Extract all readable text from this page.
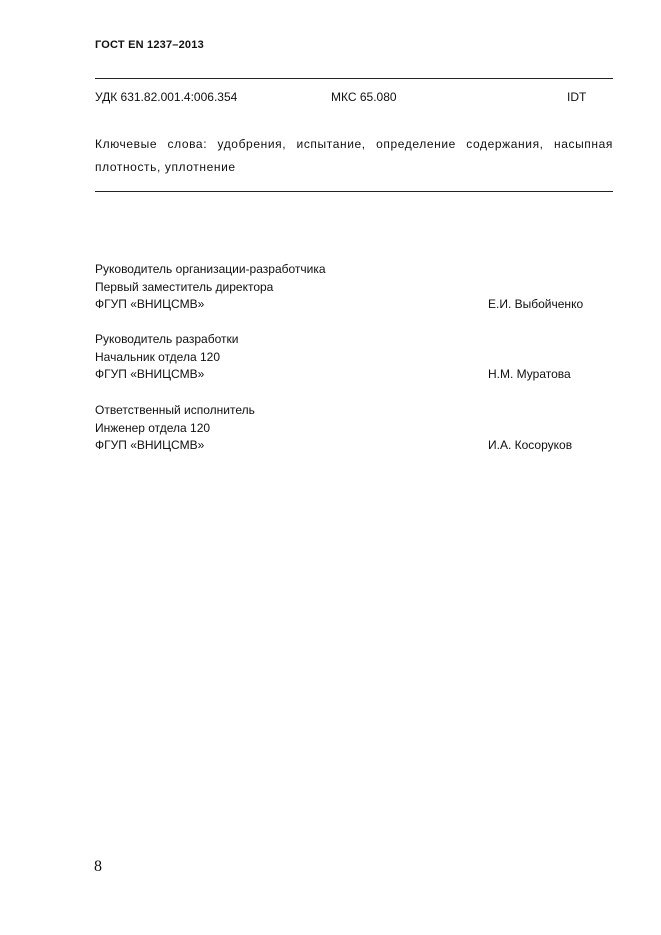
ГОСТ EN 1237–2013
УДК 631.82.001.4:006.354	МКС 65.080	IDT
Ключевые слова: удобрения, испытание, определение содержания, насыпная
плотность, уплотнение
Руководитель организации-разработчика
Первый заместитель директора
ФГУП «ВНИЦСМВ»	Е.И. Выбойченко
Руководитель разработки
Начальник отдела 120
ФГУП «ВНИЦСМВ»	Н.М. Муратова
Ответственный исполнитель
Инженер отдела 120
ФГУП «ВНИЦСМВ»	И.А. Косоруков
8
